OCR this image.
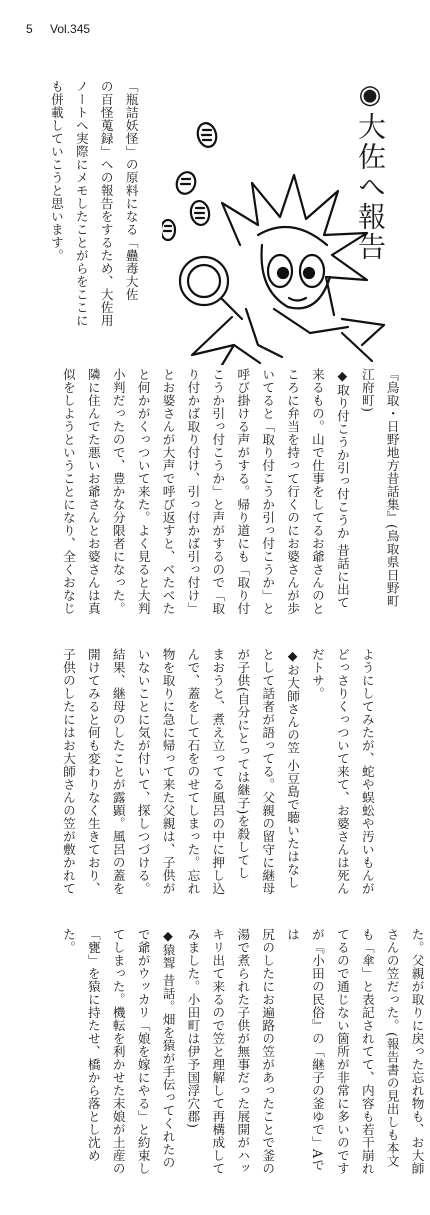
5 Vol.345
◉大佐へ報告
「瓶詰妖怪」の原料になる「蠱毒大佐
の百怪蒐録」への報告をするため、大佐用
ノートへ実際にメモしたことがらをここに
も併載していこうと思います。
『鳥取・日野地方昔話集』(鳥取県日野町 江府町)
◆取り付こうか引っ付こうか 昔話に出て
来るもの。山で仕事をしてるお爺さんのと
ころに弁当を持って行くのにお婆さんが歩
いてると「取り付こうか引っ付こうか」と
呼び掛ける声がする。帰り道にも「取り付
こうか引っ付こうか」と声がするので「取
り付かば取り付け、引っ付かば引っ付け」
とお婆さんが大声で呼び返すと、べたべた
と何かがくっついて来た。よく見ると大判
小判だったので、豊かな分限者になった。
隣に住んでた悪いお爺さんとお婆さんは真
似をしようということになり、全くおなじ
ようにしてみたが、蛇や蜈蚣や汚いもんが
どっさりくっついて来て、お婆さんは死ん
だトサ。
◆お大師さんの笠 小豆島で聴いたはなし
として話者が語ってる。父親の留守に継母
が子供(自分にとっては継子)を殺してし
まおうと、煮え立ってる風呂の中に押し込
んで、蓋をして石をのせてしまった。忘れ
物を取りに急に帰って来た父親は、子供が
いないことに気が付いて、探しつづける。
結果、継母のしたことが露顕。風呂の蓋を
開けてみると何も変わりなく生きており、
子供のしたにはお大師さんの笠が敷かれて
た。父親が取りに戻った忘れ物も、お大師
さんの笠だった。(報告書の見出しも本文
も「傘」と表記されてて、内容も若干崩れ
てるので通じない箇所が非常に多いのです
が『小田の民俗』の「継子の釜ゆで」Aでは
尻のしたにお遍路の笠があったことで釜の
湯で煮られた子供が無事だった展開がハッ
キリ出て来るので笠と理解して再構成して
みました。小田町は伊予国浮穴郡)
◆猿聟 昔話。畑を猿が手伝ってくれたの
で爺がウッカリ「娘を嫁にやる」と約束し
てしまった。機転を利かせた末娘が土産の
「甕」を猿に持たせ、橋から落とし沈めた。
